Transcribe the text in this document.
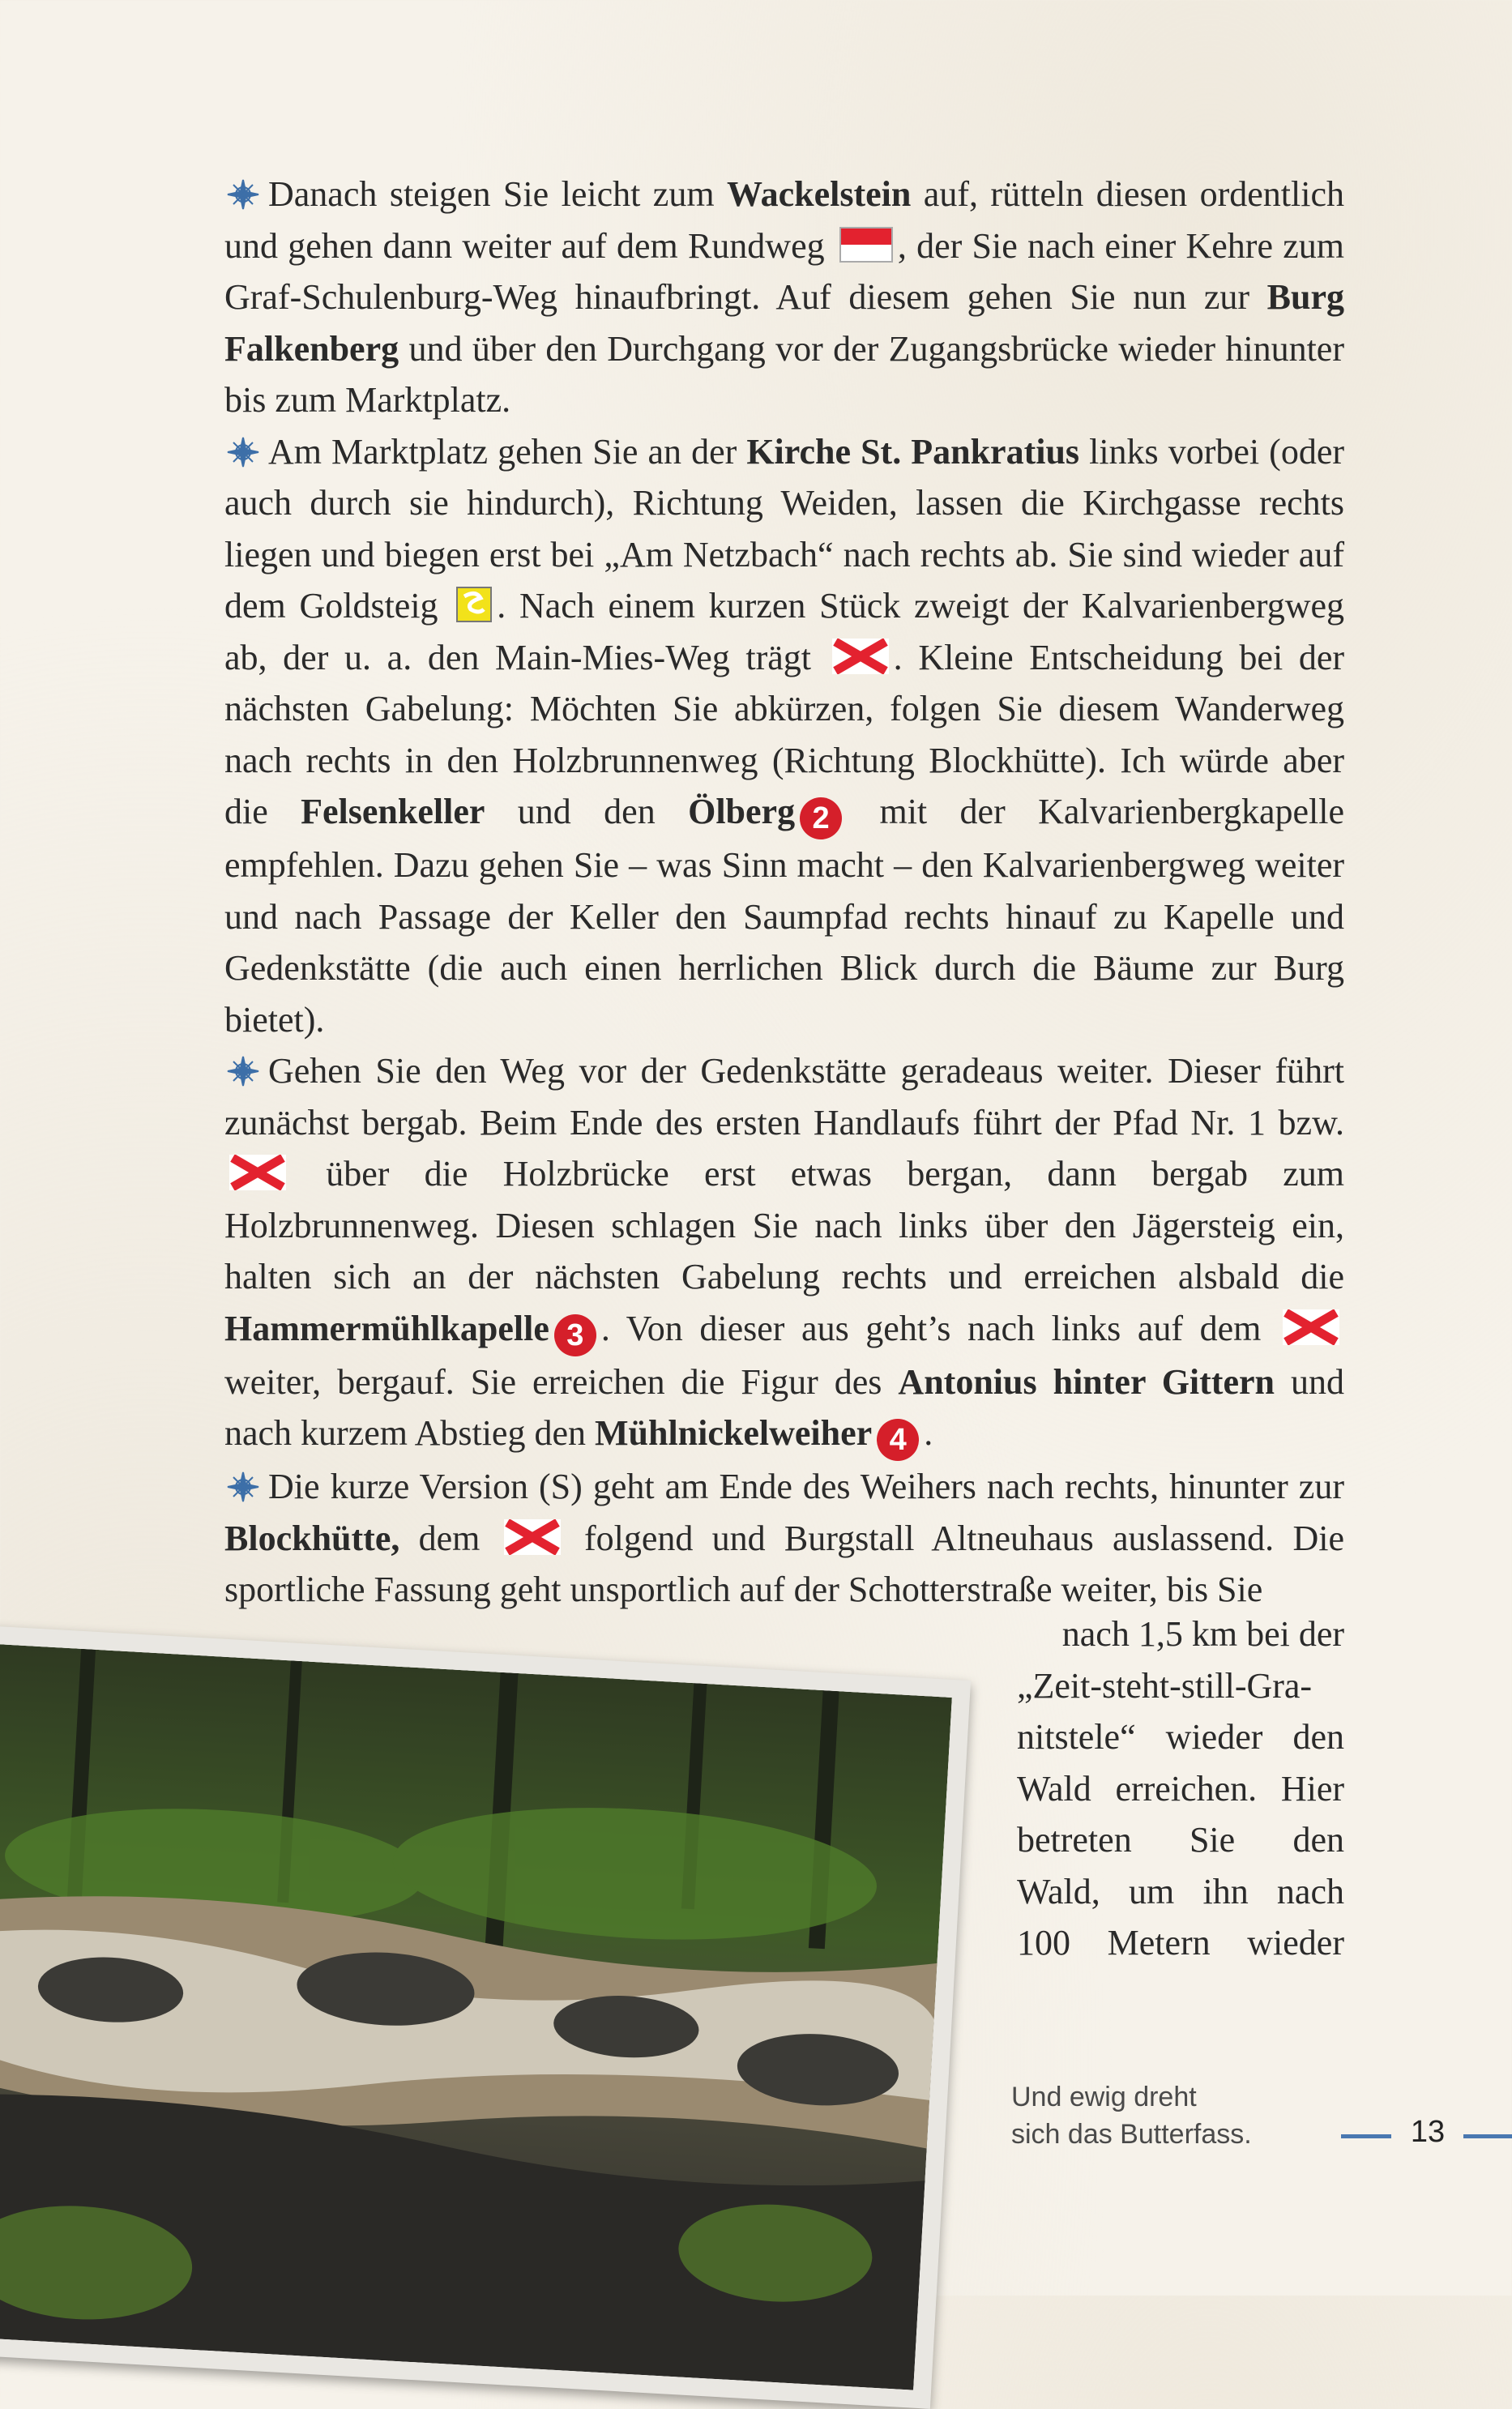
Danach steigen Sie leicht zum Wackelstein auf, rütteln diesen ordentlich und gehen dann weiter auf dem Rundweg
, der Sie nach einer Kehre zum Graf-Schulenburg-Weg hinaufbringt. Auf diesem gehen Sie nun zur Burg Falkenberg und über den Durchgang vor der Zugangsbrücke wieder hinunter bis zum Marktplatz.

Am Marktplatz gehen Sie an der Kirche St. Pankratius links vorbei (oder auch durch sie hindurch), Richtung Weiden, lassen die Kirchgasse rechts liegen und biegen erst bei „Am Netzbach“ nach rechts ab. Sie sind wieder auf dem Goldsteig
. Nach einem kurzen Stück zweigt der Kalvarienbergweg ab, der u. a. den Main-Mies-Weg trägt
. Kleine Entscheidung bei der nächsten Gabelung: Möchten Sie abkürzen, folgen Sie diesem Wanderweg nach rechts in den Holzbrunnenweg (Richtung Blockhütte). Ich würde aber die Felsenkeller und den Ölberg 2 mit der Kalvarienbergkapelle empfehlen. Dazu gehen Sie – was Sinn macht – den Kalvarienbergweg weiter und nach Passage der Keller den Saumpfad rechts hinauf zu Kapelle und Gedenkstätte (die auch einen herrlichen Blick durch die Bäume zur Burg bietet).

Gehen Sie den Weg vor der Gedenkstätte geradeaus weiter. Dieser führt zunächst bergab. Beim Ende des ersten Handlaufs führt der Pfad Nr. 1 bzw.
über die Holzbrücke erst etwas bergan, dann bergab zum Holzbrunnenweg. Diesen schlagen Sie nach links über den Jägersteig ein, halten sich an der nächsten Gabelung rechts und erreichen alsbald die Hammermühlkapelle 3 . Von dieser aus geht’s nach links auf dem
weiter, bergauf. Sie erreichen die Figur des Antonius hinter Gittern und nach kurzem Abstieg den Mühlnickelweiher 4 .

Die kurze Version (S) geht am Ende des Weihers nach rechts, hinunter zur Blockhütte, dem
folgend und Burgstall Altneuhaus auslassend. Die sportliche Fassung geht unsportlich auf der Schotterstraße weiter, bis Sie

nach 1,5 km bei der
„Zeit-steht-still-Gra-
nitstele“ wieder den
Wald erreichen. Hier
betreten Sie den
Wald, um ihn nach
100 Metern wieder
Und ewig dreht
sich das Butterfass.	13
